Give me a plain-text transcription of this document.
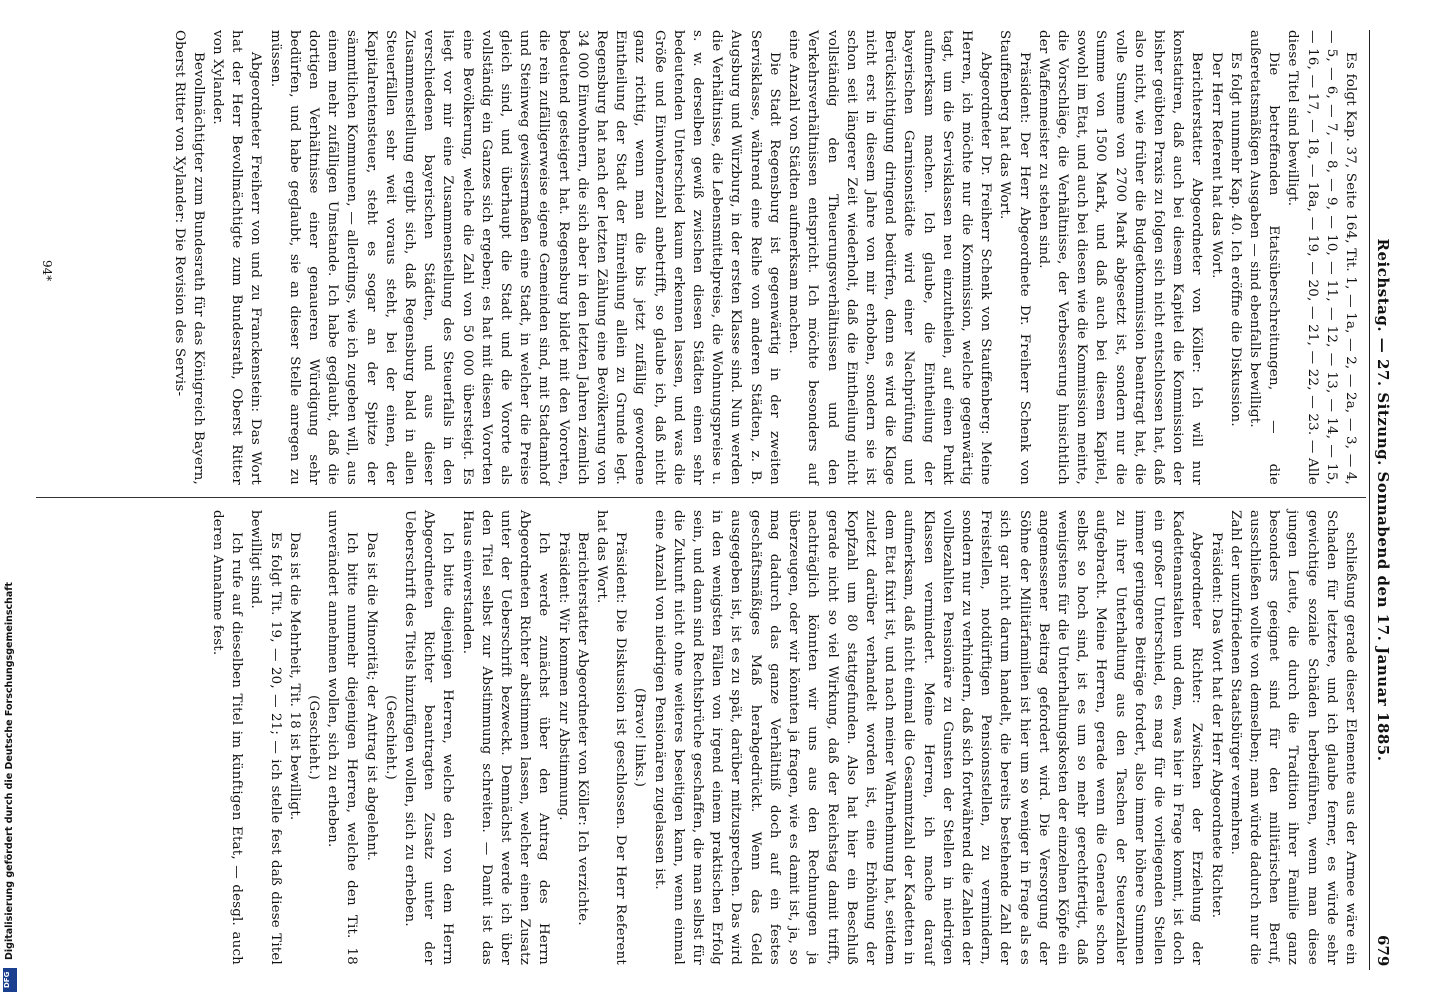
Reichstag. — 27. Sitzung. Sonnabend den 17. Januar 1885.
679

Es folgt Kap. 37, Seite 164, Tit. 1, — 1a, — 2, — 2a, — 3, — 4, — 5, — 6, — 7, — 8, — 9, — 10, — 11, — 12, — 13, — 14, — 15, — 16, — 17, — 18, — 18a, — 19, — 20, — 21, — 22, — 23. — Alle diese Titel sind bewilligt.

Die betreffenden Etatsüberschreitungen, — die außeretatsmäßigen Ausgaben — sind ebenfalls bewilligt.

Es folgt nunmehr Kap. 40. Ich eröffne die Diskussion.

Der Herr Referent hat das Wort.

Berichterstatter Abgeordneter von Köller: Ich will nur konstatiren, daß auch bei diesem Kapitel die Kommission der bisher geübten Praxis zu folgen sich nicht entschlossen hat, daß also nicht, wie früher die Budgetkommission beantragt hat, die volle Summe von 2700 Mark abgesetzt ist, sondern nur die Summe von 1500 Mark, und daß auch bei diesem Kapitel, sowohl im Etat, und auch bei diesen wie die Kommission meinte, die Vorschläge, die Verhältnisse, der Verbesserung hinsichtlich der Waffenmeister zu stehen sind.

Präsident: Der Herr Abgeordnete Dr. Freiherr Schenk von Stauffenberg hat das Wort.

Abgeordneter Dr. Freiherr Schenk von Stauffenberg: Meine Herren, ich möchte nur die Kommission, welche gegenwärtig tagt, um die Servisklassen neu einzutheilen, auf einen Punkt aufmerksam machen. Ich glaube, die Eintheilung der bayerischen Garnisonstädte wird einer Nachprüfung und Berücksichtigung dringend bedürfen, denn es wird die Klage nicht erst in diesem Jahre von mir erhoben, sondern sie ist schon seit längerer Zeit wiederholt, daß die Eintheilung nicht vollständig den Theuerungsverhältnissen und den Verkehrsverhältnissen entspricht. Ich möchte besonders auf eine Anzahl von Städten aufmerksam machen.

Die Stadt Regensburg ist gegenwärtig in der zweiten Servisklasse, während eine Reihe von anderen Städten, z. B. Augsburg und Würzburg, in der ersten Klasse sind. Nun werden die Verhältnisse, die Lebensmittelpreise, die Wohnungspreise u. s. w. derselben gewiß zwischen diesen Städten einen sehr bedeutenden Unterschied kaum erkennen lassen, und was die Größe und Einwohnerzahl anbetrifft, so glaube ich, daß nicht ganz richtig, wenn man die bis jetzt zufällig gewordene Eintheilung der Stadt der Einreihung allein zu Grunde legt. Regensburg hat nach der letzten Zählung eine Bevölkerung von 34 000 Einwohnern, die sich aber in den letzten Jahren ziemlich bedeutend gesteigert hat. Regensburg bildet mit den Vororten, die rein zufälligerweise eigene Gemeinden sind, mit Stadtamhof und Steinweg gewissermaßen eine Stadt, in welcher die Preise gleich sind, und überhaupt die Stadt und die Vororte als vollständig ein Ganzes sich ergeben; es hat mit diesen Vororten eine Bevölkerung, welche die Zahl von 50 000 übersteigt. Es liegt vor mir eine Zusammenstellung des Steuerfalls in den verschiedenen bayerischen Städten, und aus dieser Zusammenstellung ergibt sich, daß Regensburg bald in allen Steuerfällen sehr weit voraus steht, bei der einen, der Kapitalrentensteuer, steht es sogar an der Spitze der sämmtlichen Kommunen, — allerdings, wie ich zugeben will, aus einem mehr zufälligen Umstande. Ich habe geglaubt, daß die dortigen Verhältnisse einer genaueren Würdigung sehr bedürfen, und habe geglaubt, sie an dieser Stelle anregen zu müssen.

Abgeordneter Freiherr von und zu Franckenstein: Das Wort hat der Herr Bevollmächtigte zum Bundesrath, Oberst Ritter von Xylander.

Bevollmächtigter zum Bundesrath für das Königreich Bayern, Oberst Ritter von Xylander: Die Revision des Servis-

schließung gerade dieser Elemente aus der Armee wäre ein Schaden für letztere, und ich glaube ferner, es würde sehr gewichtige soziale Schäden herbeiführen, wenn man diese jungen Leute, die durch die Tradition ihrer Familie ganz besonders geeignet sind für den militärischen Beruf, ausschließen wollte von demselben; man würde dadurch nur die Zahl der unzufriedenen Staatsbürger vermehren.

Präsident: Das Wort hat der Herr Abgeordnete Richter.

Abgeordneter Richter: Zwischen der Erziehung der Kadettenanstalten und dem, was hier in Frage kommt, ist doch ein großer Unterschied, es mag für die vorliegenden Stellen immer geringere Beiträge fordert, also immer höhere Summen zu ihrer Unterhaltung aus den Taschen der Steuerzahler aufgebracht. Meine Herren, gerade wenn die Generale schon selbst so hoch sind, ist es um so mehr gerechtfertigt, daß wenigstens für die Unterhaltungskosten der einzelnen Köpfe ein angemessener Beitrag gefordert wird. Die Versorgung der Söhne der Militärfamilien ist hier um so weniger in Frage als es sich gar nicht darum handelt, die bereits bestehende Zahl der Freistellen, notdürftigen Pensionsstellen, zu vermindern, sondern nur zu verhindern, daß sich fortwährend die Zahlen der vollbezahlten Pensionäre zu Gunsten der Stellen in niedrigen Klassen vermindert. Meine Herren, ich mache darauf aufmerksam, daß nicht einmal die Gesammtzahl der Kadetten in dem Etat fixirt ist, und nach meiner Wahrnehmung hat, seitdem zuletzt darüber verhandelt worden ist, eine Erhöhung der Kopfzahl um 80 stattgefunden. Also hat hier ein Beschluß gerade nicht so viel Wirkung, daß der Reichstag damit trifft, nachträglich könnten wir uns aus den Rechnungen ja überzeugen, oder wir könnten ja fragen, wie es damit ist, ja, so mag dadurch das ganze Verhältniß doch auf ein festes geschäftsmäßiges Maß herabgedrückt. Wenn das Geld ausgegeben ist, ist es zu spät, darüber mitzusprechen. Das wird in den wenigsten Fällen von irgend einem praktischen Erfolg sein, und dann sind Rechtsbrüche geschaffen, die man selbst für die Zukunft nicht ohne weiteres beseitigen kann, wenn einmal eine Anzahl von niedrigen Pensionären zugelassen ist.

(Bravo! links.)

Präsident: Die Diskussion ist geschlossen. Der Herr Referent hat das Wort.

Berichterstatter Abgeordneter von Köller: Ich verzichte.

Präsident: Wir kommen zur Abstimmung.

Ich werde zunächst über den Antrag des Herrn Abgeordneten Richter abstimmen lassen, welcher einen Zusatz unter der Ueberschrift bezweckt. Demnächst werde ich über den Titel selbst zur Abstimmung schreiten. — Damit ist das Haus einverstanden.

Ich bitte diejenigen Herren, welche den von dem Herrn Abgeordneten Richter beantragten Zusatz unter der Ueberschrift des Titels hinzufügen wollen, sich zu erheben.

(Geschieht.)

Das ist die Minorität; der Antrag ist abgelehnt.

Ich bitte nunmehr diejenigen Herren, welche den Tit. 18 unverändert annehmen wollen, sich zu erheben.

(Geschieht.)

Das ist die Mehrheit, Tit. 18 ist bewilligt.

Es folgt Tit. 19, — 20, — 21; — ich stelle fest daß diese Titel bewilligt sind.

Ich rufe auf dieselben Titel im künftigen Etat, — desgl. auch deren Annahme fest.

94*
Digitalisierung gefördert durch die Deutsche Forschungsgemeinschaft
DFG
